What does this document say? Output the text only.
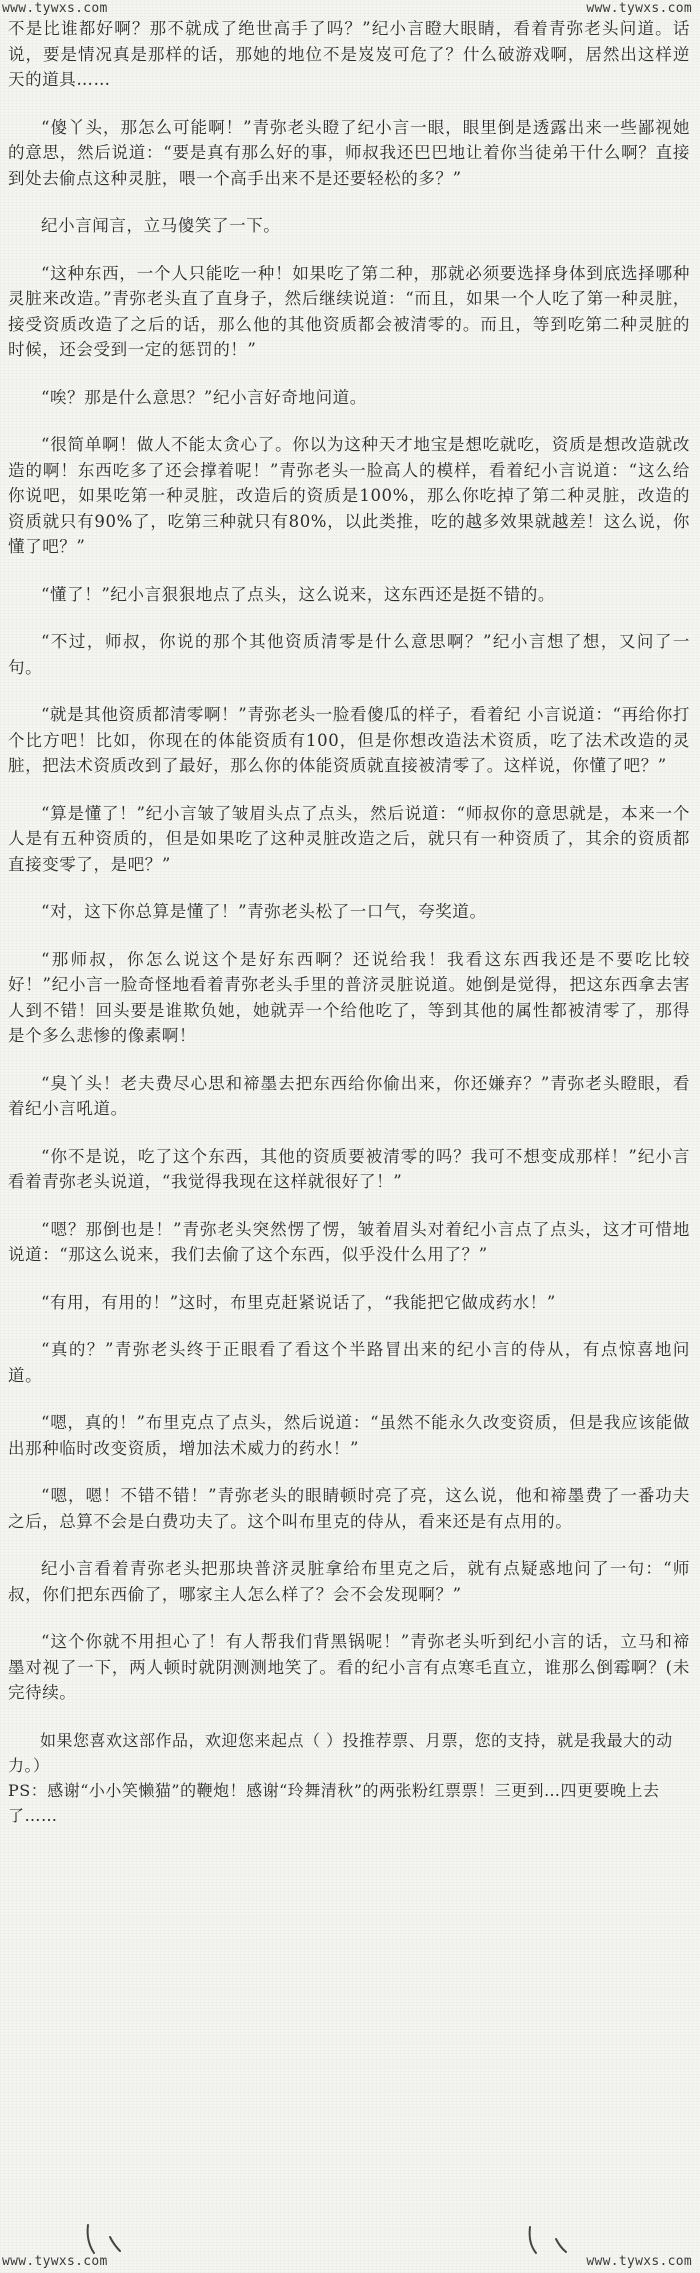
www.tywxs.com	www.tywxs.com

不是比谁都好啊？那不就成了绝世高手了吗？”纪小言瞪大眼睛，看着青弥老头问道。话说，要是情况真是那样的话，那她的地位不是岌岌可危了？什么破游戏啊，居然出这样逆天的道具……

“傻丫头，那怎么可能啊！”青弥老头瞪了纪小言一眼，眼里倒是透露出来一些鄙视她的意思，然后说道：“要是真有那么好的事，师叔我还巴巴地让着你当徒弟干什么啊？直接到处去偷点这种灵脏，喂一个高手出来不是还要轻松的多？”

纪小言闻言，立马傻笑了一下。

“这种东西，一个人只能吃一种！如果吃了第二种，那就必须要选择身体到底选择哪种灵脏来改造。”青弥老头直了直身子，然后继续说道：“而且，如果一个人吃了第一种灵脏，接受资质改造了之后的话，那么他的其他资质都会被清零的。而且，等到吃第二种灵脏的时候，还会受到一定的惩罚的！”

“唉？那是什么意思？”纪小言好奇地问道。

“很简单啊！做人不能太贪心了。你以为这种天才地宝是想吃就吃，资质是想改造就改造的啊！东西吃多了还会撑着呢！”青弥老头一脸高人的模样，看着纪小言说道：“这么给你说吧，如果吃第一种灵脏，改造后的资质是100%，那么你吃掉了第二种灵脏，改造的资质就只有90%了，吃第三种就只有80%，以此类推，吃的越多效果就越差！这么说，你懂了吧？”

“懂了！”纪小言狠狠地点了点头，这么说来，这东西还是挺不错的。

“不过，师叔，你说的那个其他资质清零是什么意思啊？”纪小言想了想，又问了一句。

“就是其他资质都清零啊！”青弥老头一脸看傻瓜的样子，看着纪 小言说道：“再给你打个比方吧！比如，你现在的体能资质有100，但是你想改造法术资质，吃了法术改造的灵脏，把法术资质改到了最好，那么你的体能资质就直接被清零了。这样说，你懂了吧？”

“算是懂了！”纪小言皱了皱眉头点了点头，然后说道：“师叔你的意思就是，本来一个人是有五种资质的，但是如果吃了这种灵脏改造之后，就只有一种资质了，其余的资质都直接变零了，是吧？”

“对，这下你总算是懂了！”青弥老头松了一口气，夸奖道。

“那师叔，你怎么说这个是好东西啊？还说给我！我看这东西我还是不要吃比较好！”纪小言一脸奇怪地看着青弥老头手里的普济灵脏说道。她倒是觉得，把这东西拿去害人到不错！回头要是谁欺负她，她就弄一个给他吃了，等到其他的属性都被清零了，那得是个多么悲惨的像素啊！

“臭丫头！老夫费尽心思和禘墨去把东西给你偷出来，你还嫌弃？”青弥老头瞪眼，看着纪小言吼道。

“你不是说，吃了这个东西，其他的资质要被清零的吗？我可不想变成那样！”纪小言看着青弥老头说道，“我觉得我现在这样就很好了！”

“嗯？那倒也是！”青弥老头突然愣了愣，皱着眉头对着纪小言点了点头，这才可惜地说道：“那这么说来，我们去偷了这个东西，似乎没什么用了？”

“有用，有用的！”这时，布里克赶紧说话了，“我能把它做成药水！”

“真的？”青弥老头终于正眼看了看这个半路冒出来的纪小言的侍从，有点惊喜地问道。

“嗯，真的！”布里克点了点头，然后说道：“虽然不能永久改变资质，但是我应该能做出那种临时改变资质，增加法术威力的药水！”

“嗯，嗯！不错不错！”青弥老头的眼睛顿时亮了亮，这么说，他和禘墨费了一番功夫之后，总算不会是白费功夫了。这个叫布里克的侍从，看来还是有点用的。

纪小言看着青弥老头把那块普济灵脏拿给布里克之后，就有点疑惑地问了一句：“师叔，你们把东西偷了，哪家主人怎么样了？会不会发现啊？”

“这个你就不用担心了！有人帮我们背黑锅呢！”青弥老头听到纪小言的话，立马和禘墨对视了一下，两人顿时就阴测测地笑了。看的纪小言有点寒毛直立，谁那么倒霉啊？(未完待续。

如果您喜欢这部作品，欢迎您来起点（ ）投推荐票、月票，您的支持，就是我最大的动力。）

PS：感谢“小小笑懒猫”的鞭炮！感谢“玲舞清秋”的两张粉红票票！三更到…四更要晚上去了……

www.tywxs.com	www.tywxs.com
